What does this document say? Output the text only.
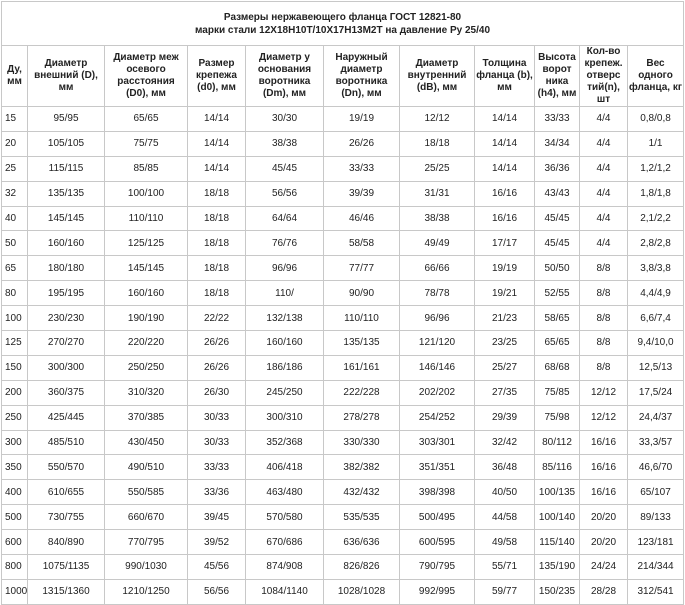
Размеры нержавеющего фланца ГОСТ 12821-80
марки стали 12Х18Н10Т/10Х17Н13М2Т на давление Ру 25/40										

Ду, мм	Диаметр внешний (D), мм	Диаметр меж осевого расстояния (D0), мм	Размер крепежа (d0), мм	Диаметр у основания воротника (Dm), мм	Наружный диаметр воротника (Dn), мм	Диаметр внутренний (dB), мм	Толщина фланца (b), мм	Высота ворот ника (h4), мм	Кол-во крепеж. отверс тий(n), шт	Вес одного фланца, кг
15	95/95	65/65	14/14	30/30	19/19	12/12	14/14	33/33	4/4	0,8/0,8
20	105/105	75/75	14/14	38/38	26/26	18/18	14/14	34/34	4/4	1/1
25	115/115	85/85	14/14	45/45	33/33	25/25	14/14	36/36	4/4	1,2/1,2
32	135/135	100/100	18/18	56/56	39/39	31/31	16/16	43/43	4/4	1,8/1,8
40	145/145	110/110	18/18	64/64	46/46	38/38	16/16	45/45	4/4	2,1/2,2
50	160/160	125/125	18/18	76/76	58/58	49/49	17/17	45/45	4/4	2,8/2,8
65	180/180	145/145	18/18	96/96	77/77	66/66	19/19	50/50	8/8	3,8/3,8
80	195/195	160/160	18/18	110/	90/90	78/78	19/21	52/55	8/8	4,4/4,9
100	230/230	190/190	22/22	132/138	110/110	96/96	21/23	58/65	8/8	6,6/7,4
125	270/270	220/220	26/26	160/160	135/135	121/120	23/25	65/65	8/8	9,4/10,0
150	300/300	250/250	26/26	186/186	161/161	146/146	25/27	68/68	8/8	12,5/13
200	360/375	310/320	26/30	245/250	222/228	202/202	27/35	75/85	12/12	17,5/24
250	425/445	370/385	30/33	300/310	278/278	254/252	29/39	75/98	12/12	24,4/37
300	485/510	430/450	30/33	352/368	330/330	303/301	32/42	80/112	16/16	33,3/57
350	550/570	490/510	33/33	406/418	382/382	351/351	36/48	85/116	16/16	46,6/70
400	610/655	550/585	33/36	463/480	432/432	398/398	40/50	100/135	16/16	65/107
500	730/755	660/670	39/45	570/580	535/535	500/495	44/58	100/140	20/20	89/133
600	840/890	770/795	39/52	670/686	636/636	600/595	49/58	115/140	20/20	123/181
800	1075/1135	990/1030	45/56	874/908	826/826	790/795	55/71	135/190	24/24	214/344
1000	1315/1360	1210/1250	56/56	1084/1140	1028/1028	992/995	59/77	150/235	28/28	312/541
